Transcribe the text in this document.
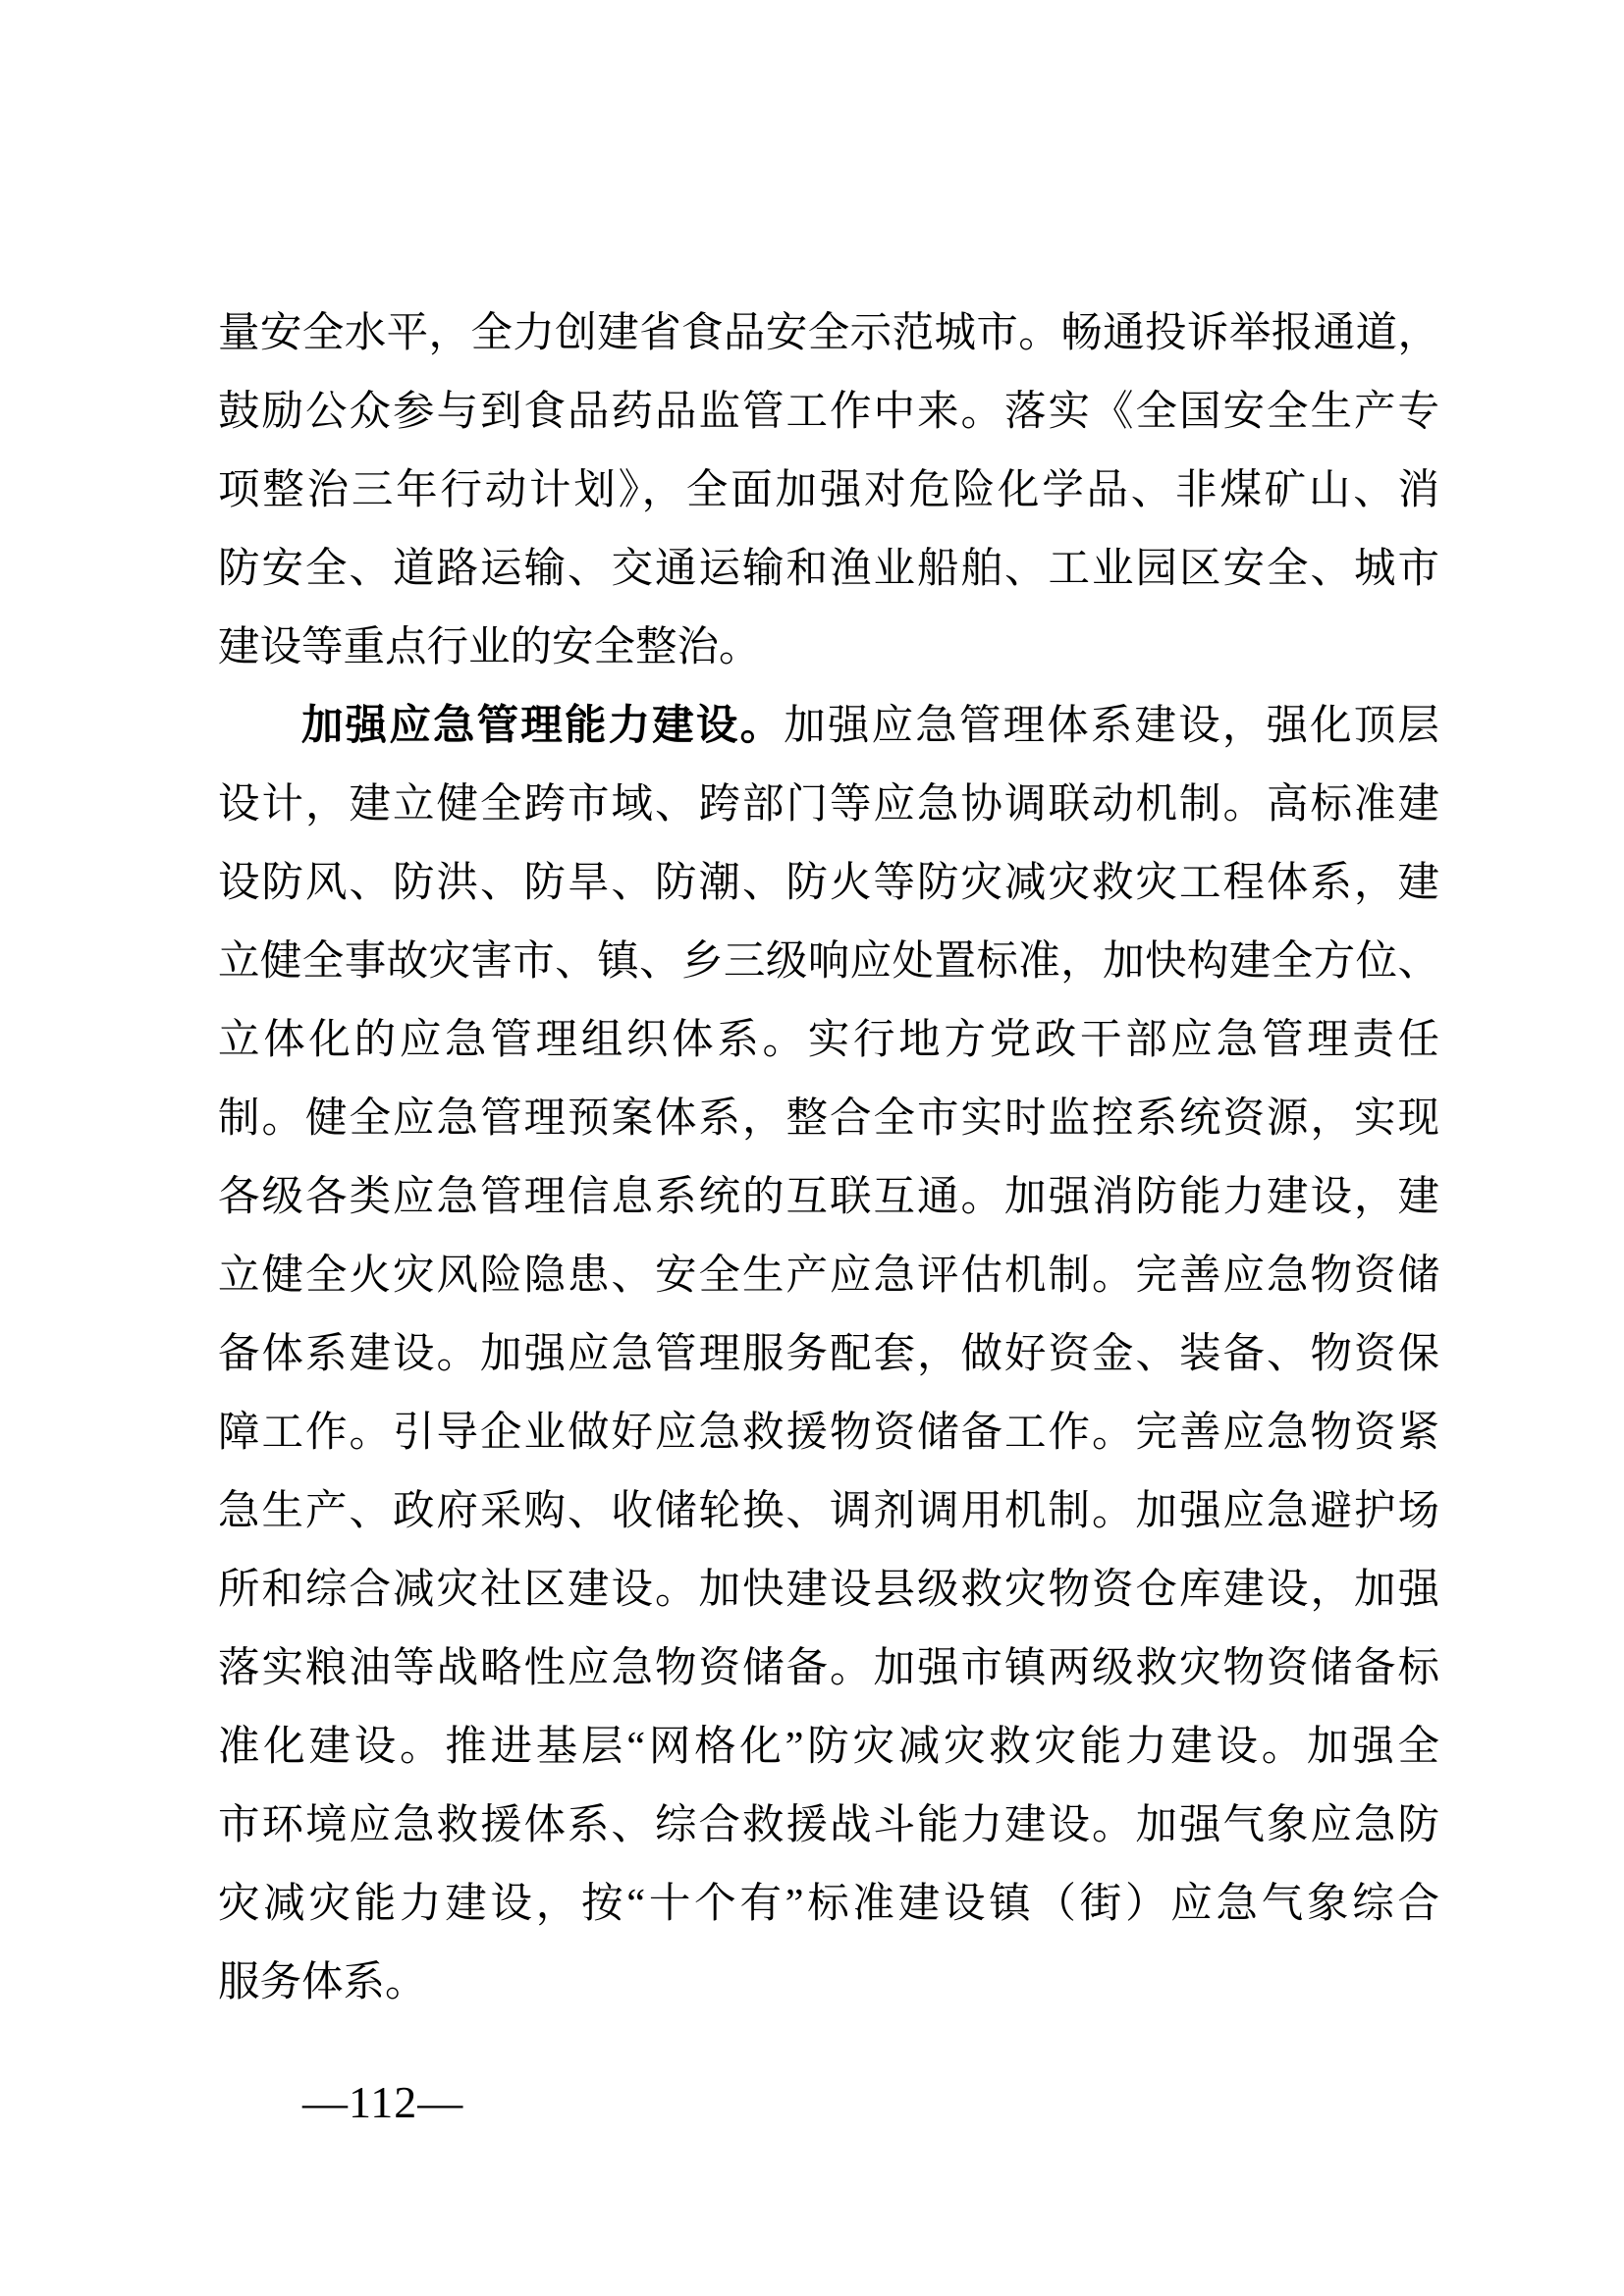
量安全水平，全力创建省食品安全示范城市。畅通投诉举报通道，
鼓励公众参与到食品药品监管工作中来。落实《全国安全生产专
项整治三年行动计划》，全面加强对危险化学品、非煤矿山、消
防安全、道路运输、交通运输和渔业船舶、工业园区安全、城市
建设等重点行业的安全整治。
加强应急管理能力建设。加强应急管理体系建设，强化顶层
设计，建立健全跨市域、跨部门等应急协调联动机制。高标准建
设防风、防洪、防旱、防潮、防火等防灾减灾救灾工程体系，建
立健全事故灾害市、镇、乡三级响应处置标准，加快构建全方位、
立体化的应急管理组织体系。实行地方党政干部应急管理责任
制。健全应急管理预案体系，整合全市实时监控系统资源，实现
各级各类应急管理信息系统的互联互通。加强消防能力建设，建
立健全火灾风险隐患、安全生产应急评估机制。完善应急物资储
备体系建设。加强应急管理服务配套，做好资金、装备、物资保
障工作。引导企业做好应急救援物资储备工作。完善应急物资紧
急生产、政府采购、收储轮换、调剂调用机制。加强应急避护场
所和综合减灾社区建设。加快建设县级救灾物资仓库建设，加强
落实粮油等战略性应急物资储备。加强市镇两级救灾物资储备标
准化建设。推进基层“网格化”防灾减灾救灾能力建设。加强全
市环境应急救援体系、综合救援战斗能力建设。加强气象应急防
灾减灾能力建设，按“十个有”标准建设镇（街）应急气象综合
服务体系。
—112—
